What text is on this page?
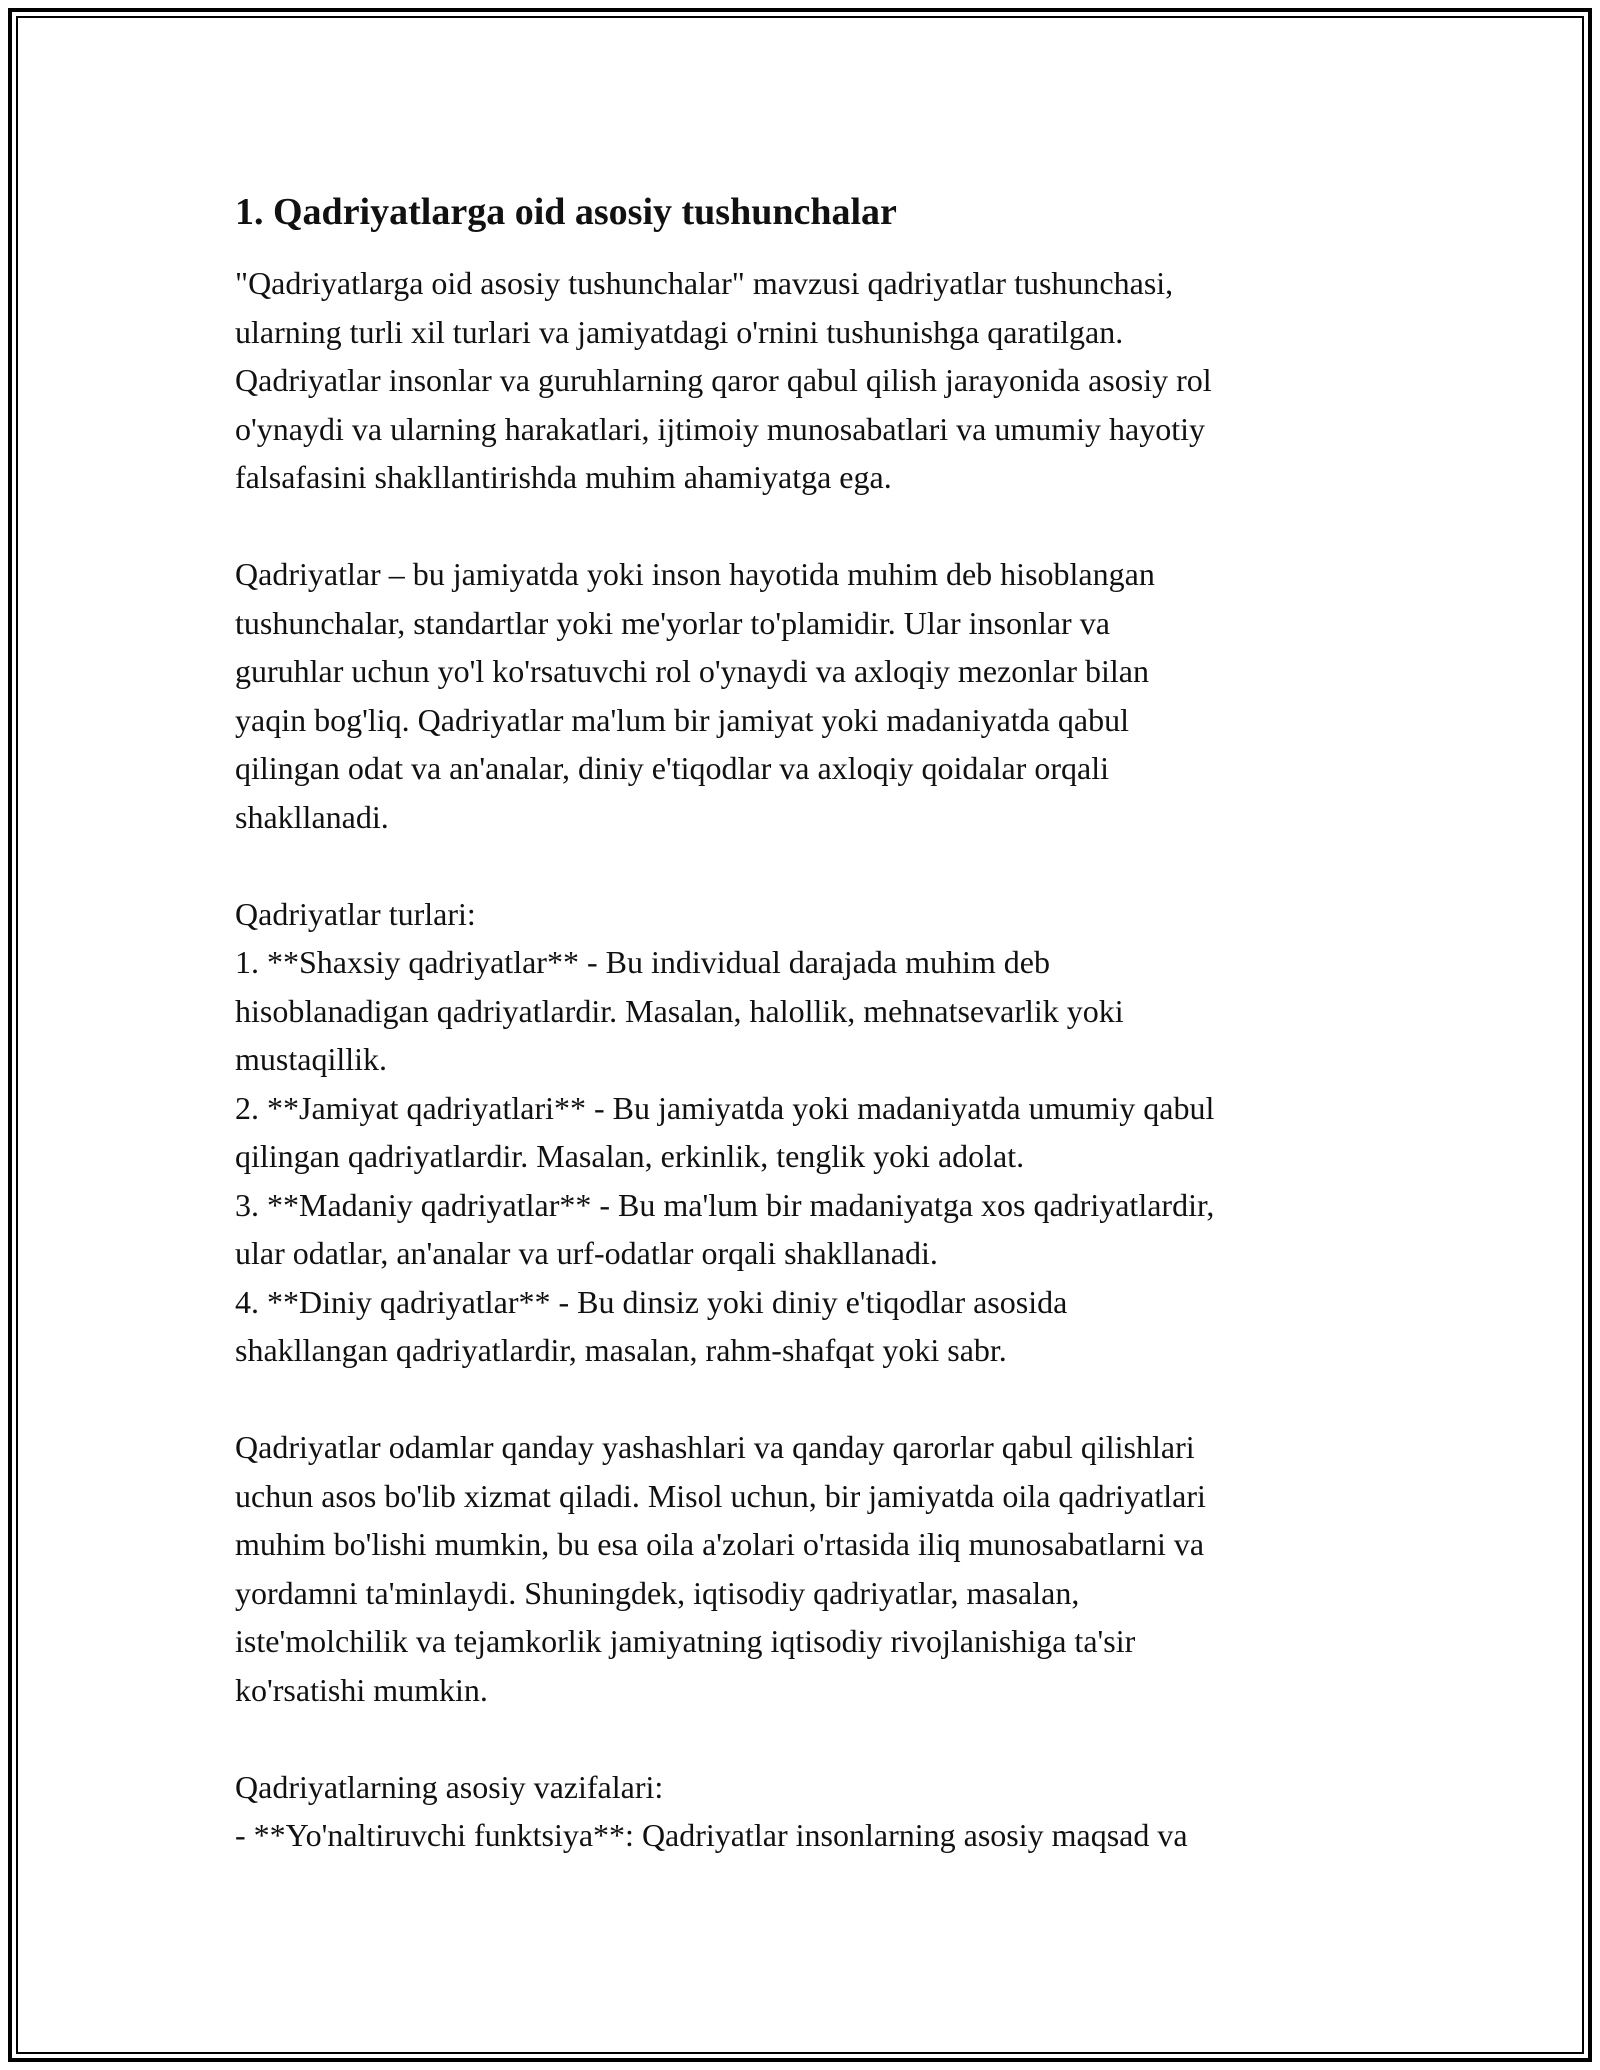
1. Qadriyatlarga oid asosiy tushunchalar
"Qadriyatlarga oid asosiy tushunchalar" mavzusi qadriyatlar tushunchasi,
ularning turli xil turlari va jamiyatdagi o'rnini tushunishga qaratilgan.
Qadriyatlar insonlar va guruhlarning qaror qabul qilish jarayonida asosiy rol
o'ynaydi va ularning harakatlari, ijtimoiy munosabatlari va umumiy hayotiy
falsafasini shakllantirishda muhim ahamiyatga ega.
Qadriyatlar – bu jamiyatda yoki inson hayotida muhim deb hisoblangan
tushunchalar, standartlar yoki me'yorlar to'plamidir. Ular insonlar va
guruhlar uchun yo'l ko'rsatuvchi rol o'ynaydi va axloqiy mezonlar bilan
yaqin bog'liq. Qadriyatlar ma'lum bir jamiyat yoki madaniyatda qabul
qilingan odat va an'analar, diniy e'tiqodlar va axloqiy qoidalar orqali
shakllanadi.
Qadriyatlar turlari:
1. **Shaxsiy qadriyatlar** - Bu individual darajada muhim deb
hisoblanadigan qadriyatlardir. Masalan, halollik, mehnatsevarlik yoki
mustaqillik.
2. **Jamiyat qadriyatlari** - Bu jamiyatda yoki madaniyatda umumiy qabul
qilingan qadriyatlardir. Masalan, erkinlik, tenglik yoki adolat.
3. **Madaniy qadriyatlar** - Bu ma'lum bir madaniyatga xos qadriyatlardir,
ular odatlar, an'analar va urf-odatlar orqali shakllanadi.
4. **Diniy qadriyatlar** - Bu dinsiz yoki diniy e'tiqodlar asosida
shakllangan qadriyatlardir, masalan, rahm-shafqat yoki sabr.
Qadriyatlar odamlar qanday yashashlari va qanday qarorlar qabul qilishlari
uchun asos bo'lib xizmat qiladi. Misol uchun, bir jamiyatda oila qadriyatlari
muhim bo'lishi mumkin, bu esa oila a'zolari o'rtasida iliq munosabatlarni va
yordamni ta'minlaydi. Shuningdek, iqtisodiy qadriyatlar, masalan,
iste'molchilik va tejamkorlik jamiyatning iqtisodiy rivojlanishiga ta'sir
ko'rsatishi mumkin.
Qadriyatlarning asosiy vazifalari:
- **Yo'naltiruvchi funktsiya**: Qadriyatlar insonlarning asosiy maqsad va
